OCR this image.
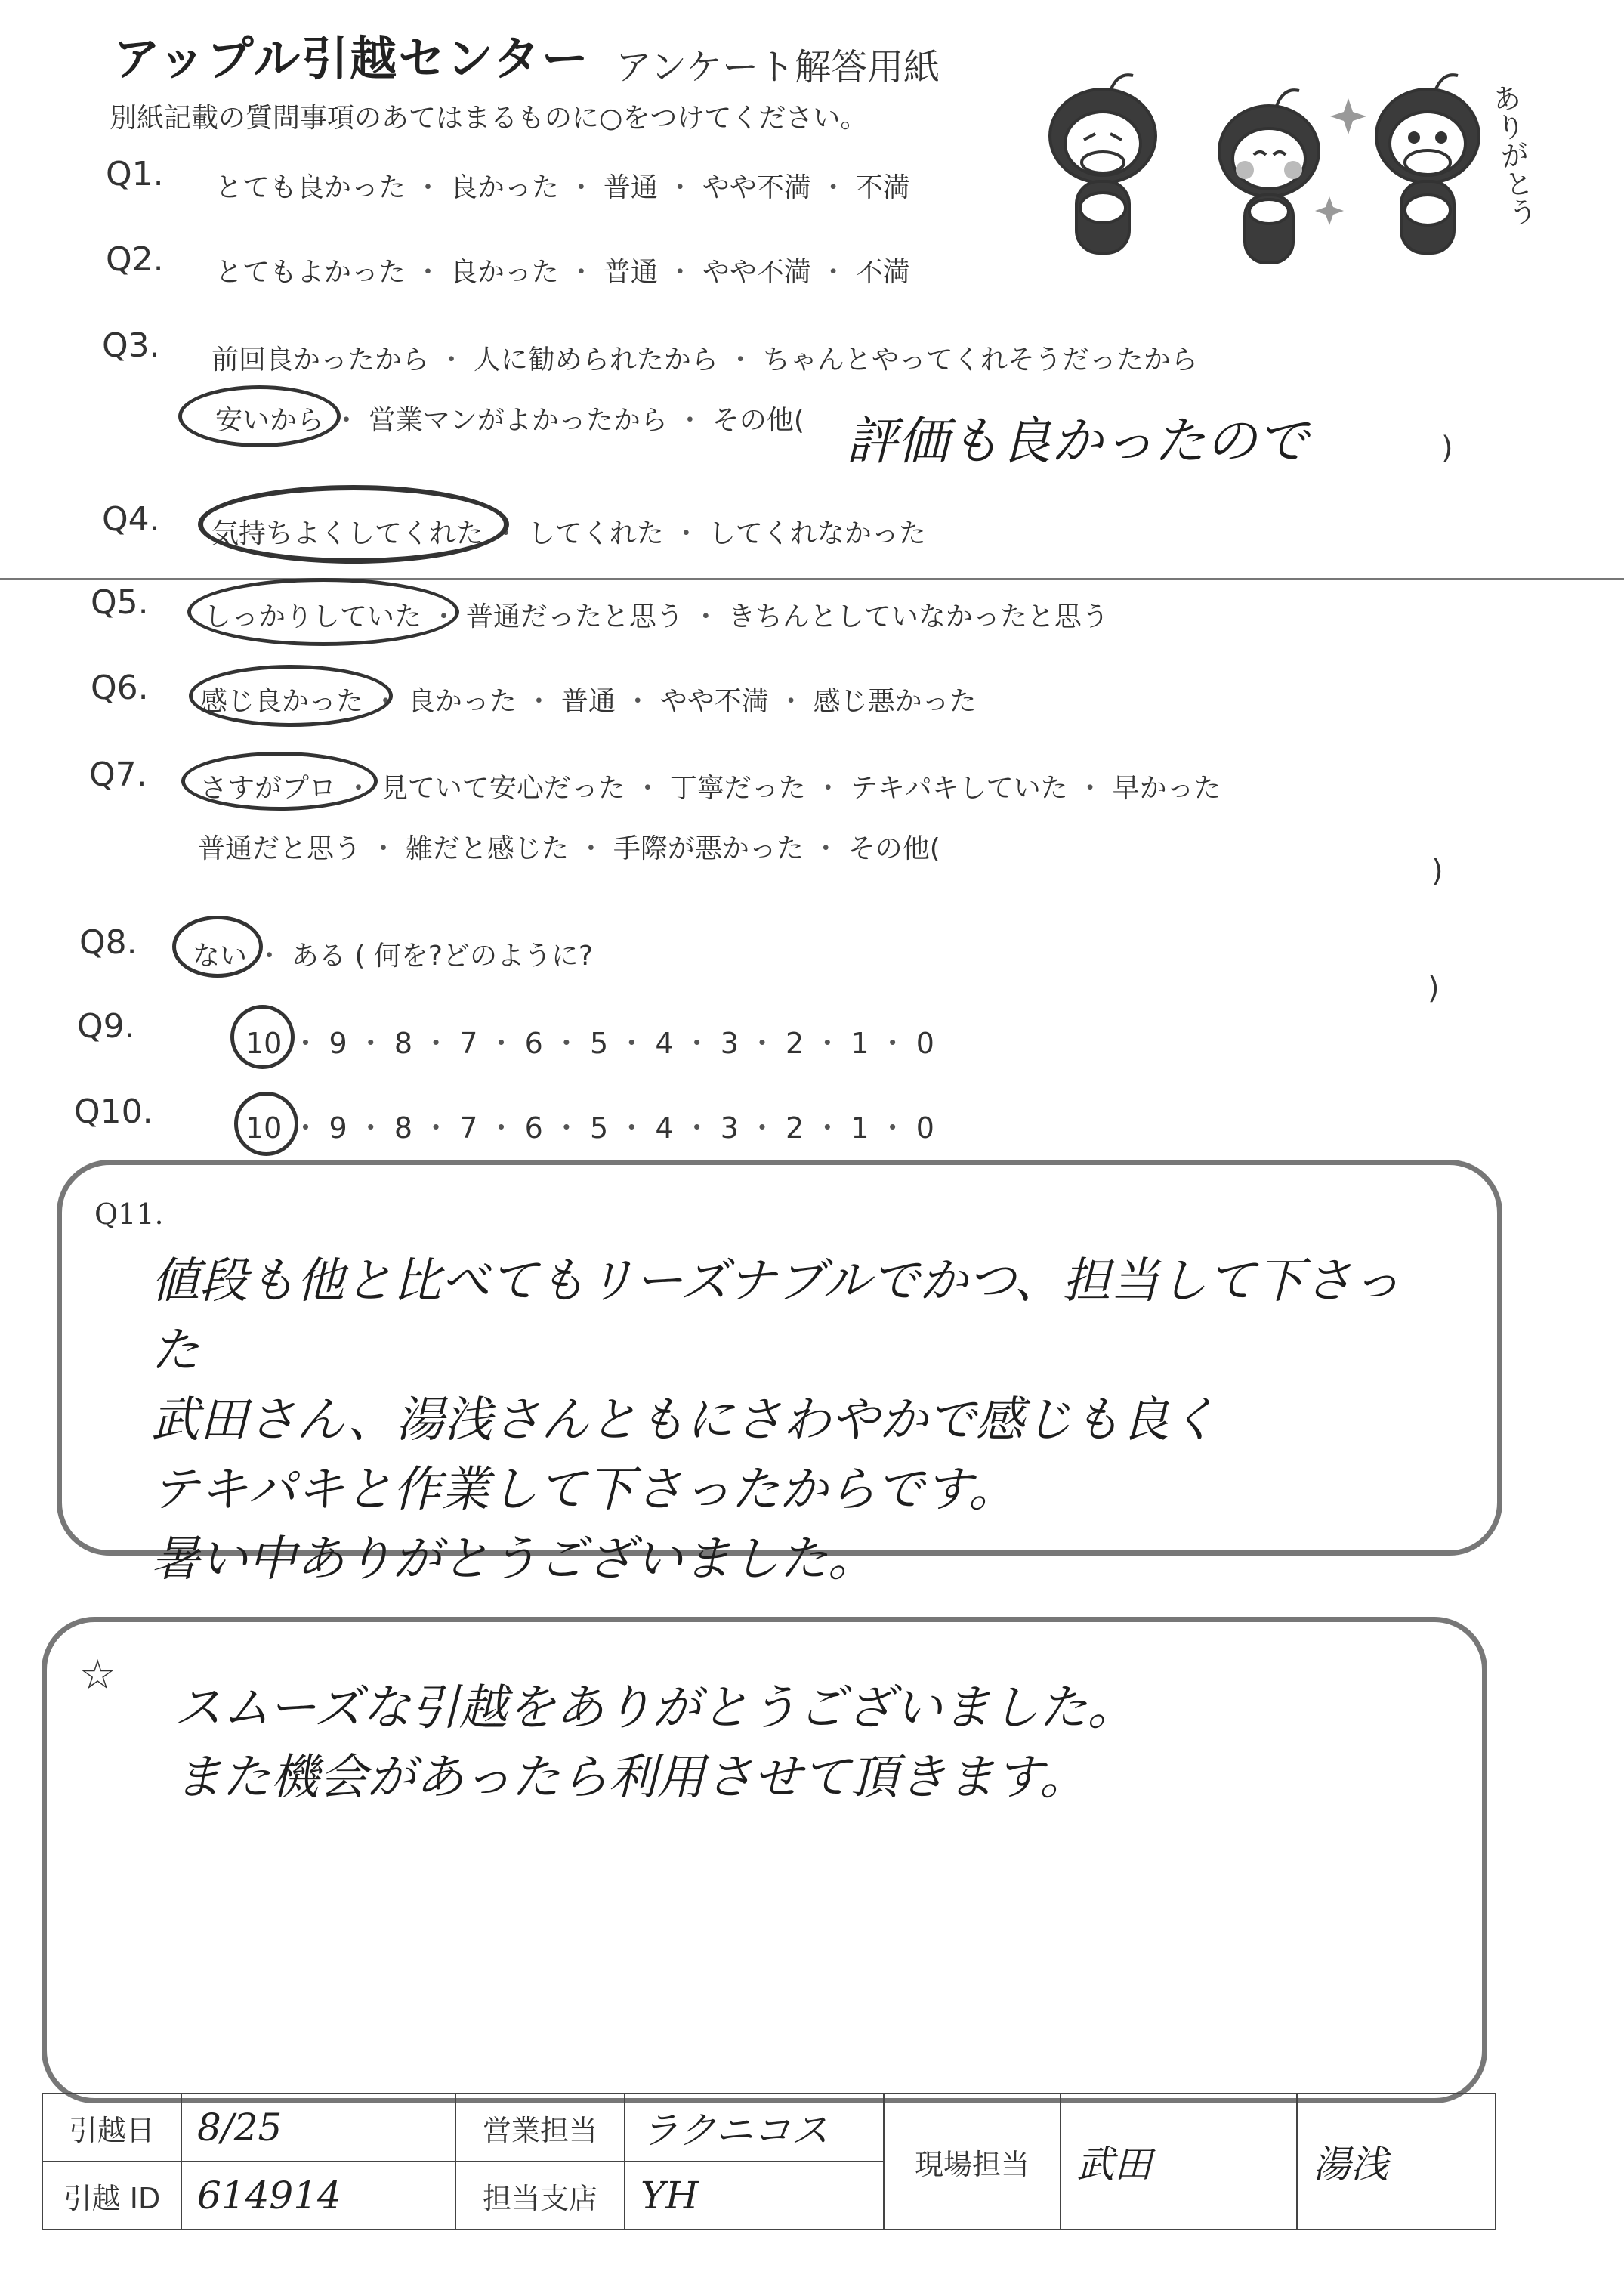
アップル引越センター アンケート解答用紙
別紙記載の質問事項のあてはまるものに○をつけてください。	ありがとう
Q1. とても良かった ・ 良かった ・ 普通 ・ やや不満 ・ 不満
Q2. とてもよかった ・ 良かった ・ 普通 ・ やや不満 ・ 不満
Q3. 前回良かったから ・ 人に勧められたから ・ ちゃんとやってくれそうだったから
安いから ・ 営業マンがよかったから ・ その他( 評価も良かったので	)
Q4. 気持ちよくしてくれた ・ してくれた ・ してくれなかった
Q5. しっかりしていた ・ 普通だったと思う ・ きちんとしていなかったと思う
Q6. 感じ良かった ・ 良かった ・ 普通 ・ やや不満 ・ 感じ悪かった
Q7. さすがプロ ・ 見ていて安心だった ・ 丁寧だった ・ テキパキしていた ・ 早かった
普通だと思う ・ 雑だと感じた ・ 手際が悪かった ・ その他(
)
Q8. ない ・ ある ( 何を?どのように?
)
Q9.	10 ・ 9 ・ 8 ・ 7 ・ 6 ・ 5 ・ 4 ・ 3 ・ 2 ・ 1 ・ 0
Q10.	10 ・ 9 ・ 8 ・ 7 ・ 6 ・ 5 ・ 4 ・ 3 ・ 2 ・ 1 ・ 0
Q11.
値段も他と比べてもリーズナブルでかつ、担当して下さった
武田さん、湯浅さんともにさわやかで感じも良く
テキパキと作業して下さったからです。
暑い中ありがとうございました。
☆
スムーズな引越をありがとうございました。
また機会があったら利用させて頂きます。
引越日	8/25	営業担当	ラクニコス	現場担当	武田	湯浅
引越 ID	614914	担当支店	YH			
